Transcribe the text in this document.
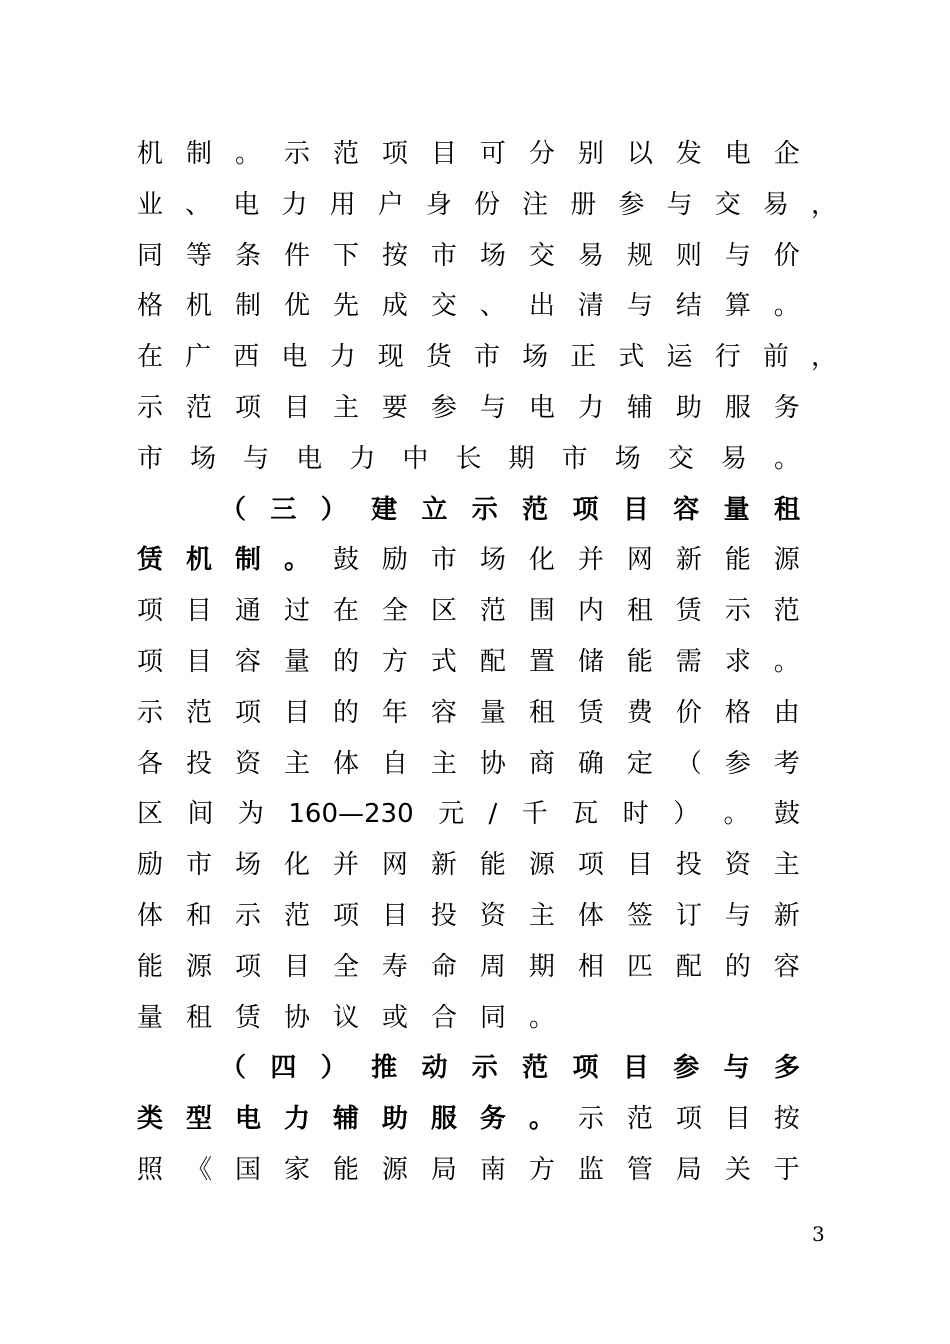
机 制 。 示 范 项 目 可 分 别 以 发 电 企
业 、 电 力 用 户 身 份 注 册 参 与 交 易 ，
同 等 条 件 下 按 市 场 交 易 规 则 与 价
格 机 制 优 先 成 交 、 出 清 与 结 算 。
在 广 西 电 力 现 货 市 场 正 式 运 行 前 ，
示 范 项 目 主 要 参 与 电 力 辅 助 服 务
市 场 与 电 力 中 长 期 市 场 交 易 。
（ 三 ） 建 立 示 范 项 目 容 量 租
赁 机 制 。 鼓 励 市 场 化 并 网 新 能 源
项 目 通 过 在 全 区 范 围 内 租 赁 示 范
项 目 容 量 的 方 式 配 置 储 能 需 求 。
示 范 项 目 的 年 容 量 租 赁 费 价 格 由
各 投 资 主 体 自 主 协 商 确 定 （ 参 考
区 间 为 160—230 元 / 千 瓦 时 ） 。 鼓
励 市 场 化 并 网 新 能 源 项 目 投 资 主
体 和 示 范 项 目 投 资 主 体 签 订 与 新
能 源 项 目 全 寿 命 周 期 相 匹 配 的 容
量 租 赁 协 议 或 合 同 。
（ 四 ） 推 动 示 范 项 目 参 与 多
类 型 电 力 辅 助 服 务 。 示 范 项 目 按
照 《 国 家 能 源 局 南 方 监 管 局 关 于
3
